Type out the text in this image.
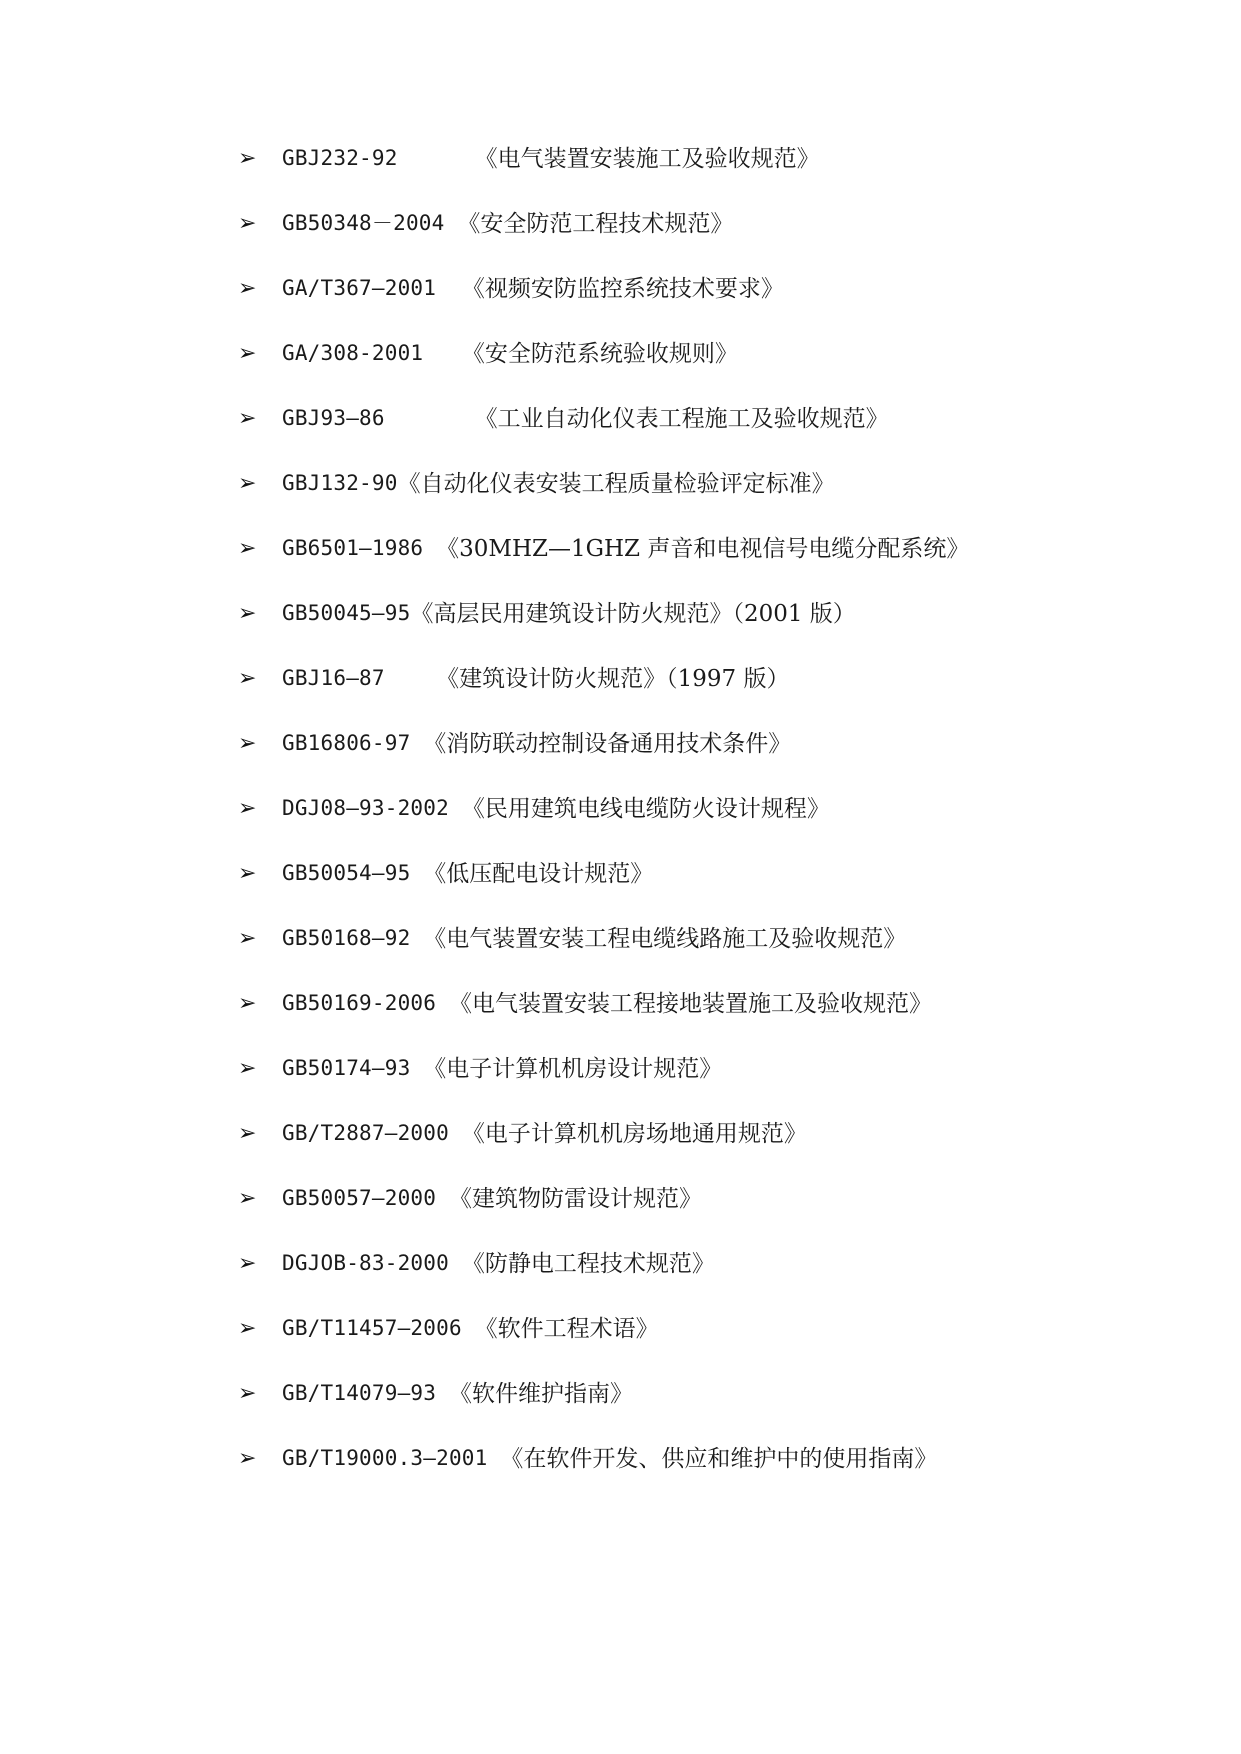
➢	GBJ232-92
	《电气装置安装施工及验收规范》
➢	GB50348－2004
《安全防范工程技术规范》
➢	GA/T367—2001
《视频安防监控系统技术要求》
➢	GA/308-2001
《安全防范系统验收规则》
➢	GBJ93—86
	《工业自动化仪表工程施工及验收规范》
➢	GBJ132-90 《自动化仪表安装工程质量检验评定标准》
➢	GB6501—1986
《30MHZ—1GHZ 声音和电视信号电缆分配系统》
➢	GB50045—95 《高层民用建筑设计防火规范》（2001 版）
➢	GBJ16—87
《建筑设计防火规范》（1997 版）
➢	GB16806-97
《消防联动控制设备通用技术条件》
➢	DGJ08—93-2002
《民用建筑电线电缆防火设计规程》
➢	GB50054—95
《低压配电设计规范》
➢	GB50168—92
《电气装置安装工程电缆线路施工及验收规范》
➢	GB50169-2006
《电气装置安装工程接地装置施工及验收规范》
➢	GB50174—93
《电子计算机机房设计规范》
➢	GB/T2887—2000
《电子计算机机房场地通用规范》
➢	GB50057—2000
《建筑物防雷设计规范》
➢	DGJOB-83-2000
《防静电工程技术规范》
➢	GB/T11457—2006
《软件工程术语》
➢	GB/T14079—93
《软件维护指南》
➢	GB/T19000.3—2001
《在软件开发、供应和维护中的使用指南》
